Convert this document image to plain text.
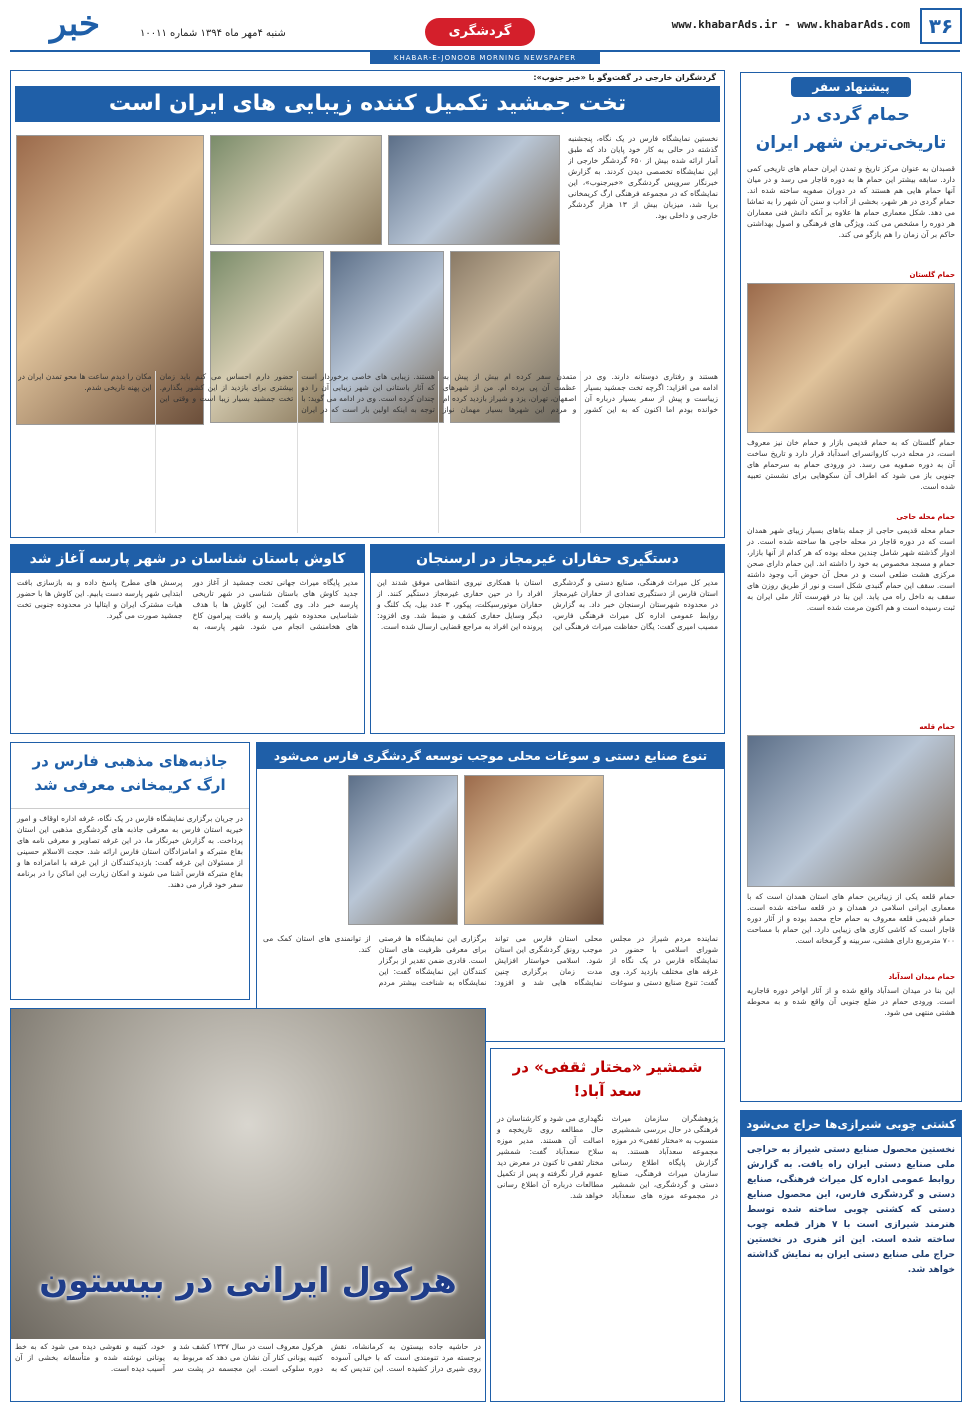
۳۶
www.khabarAds.ir - www.khabarAds.com
گردشگری
خبر	شنبه ۴مهر ماه ۱۳۹۴ شماره ۱۰۰۱۱
KHABAR-E-JONOOB MORNING NEWSPAPER
پیشنهاد سفر
حمام گردی در تاریخی‌ترین شهر ایران
قصبدان به عنوان مرکز تاریخ و تمدن ایران حمام های تاریخی کمی دارد. سابقه بیشتر این حمام ها به دوره قاجار می رسد و در میان آنها حمام هایی هم هستند که در دوران صفویه ساخته شده اند. حمام گردی در هر شهر، بخشی از آداب و سنن آن شهر را به تماشا می دهد. شکل معماری حمام ها علاوه بر آنکه دانش فنی معماران هر دوره را مشخص می کند، ویژگی های فرهنگی و اصول بهداشتی حاکم بر آن زمان را هم بازگو می کند.
حمام گلستان
حمام گلستان که به حمام قدیمی بازار و حمام خان نیز معروف است، در محله درب کاروانسرای اسدآباد قرار دارد و تاریخ ساخت آن به دوره صفویه می رسد. در ورودی حمام به سرحمام های جنوبی باز می شود که اطراف آن سکوهایی برای نشستن تعبیه شده است.
حمام محله حاجی
حمام محله قدیمی حاجی از جمله بناهای بسیار زیبای شهر همدان است که در دوره قاجار در محله حاجی ها ساخته شده است. در ادوار گذشته شهر شامل چندین محله بوده که هر کدام از آنها بازار، حمام و مسجد مخصوص به خود را داشته اند. این حمام دارای صحن مرکزی هشت ضلعی است و در محل آن حوض آب وجود داشته است. سقف این حمام گنبدی شکل است و نور از طریق روزن های سقف به داخل راه می یابد. این بنا در فهرست آثار ملی ایران به ثبت رسیده است و هم اکنون مرمت شده است.
حمام قلعه
حمام قلعه یکی از زیباترین حمام های استان همدان است که با معماری ایرانی اسلامی در همدان و در قلعه ساخته شده است. حمام قدیمی قلعه معروف به حمام حاج محمد بوده و از آثار دوره قاجار است که کاشی کاری های زیبایی دارد. این حمام با مساحت ۷۰۰ مترمربع دارای هشتی، سربینه و گرمخانه است.
حمام میدان اسدآباد
این بنا در میدان اسدآباد واقع شده و از آثار اواخر دوره قاجاریه است. ورودی حمام در ضلع جنوبی آن واقع شده و به محوطه هشتی منتهی می شود.
کشتی چوبی شیرازی‌ها حراج می‌شود
نخستین محصول صنایع دستی شیراز به حراجی ملی صنایع دستی ایران راه یافت. به گزارش روابط عمومی اداره کل میراث فرهنگی، صنایع دستی و گردشگری فارس، این محصول صنایع دستی که کشتی چوبی ساخته شده توسط هنرمند شیرازی است با ۷ هزار قطعه چوب ساخته شده است. این اثر هنری در نخستین حراج ملی صنایع دستی ایران به نمایش گذاشته خواهد شد.
گردشگران خارجی در گفت‌وگو با «خبر جنوب»:
تخت جمشید تکمیل کننده زیبایی های ایران است
نخستین نمایشگاه فارس در یک نگاه، پنجشنبه گذشته در حالی به کار خود پایان داد که طبق آمار ارائه شده بیش از ۶۵۰ گردشگر خارجی از این نمایشگاه تخصصی دیدن کردند. به گزارش خبرنگار سرویس گردشگری «خبرجنوب»، این نمایشگاه که در مجموعه فرهنگی ارگ کریمخانی برپا شد، میزبان بیش از ۱۳ هزار گردشگر خارجی و داخلی بود.
هستند و رفتاری دوستانه دارند. وی در ادامه می افزاید: اگرچه تخت جمشید بسیار زیباست و پیش از سفر بسیار درباره آن خوانده بودم اما اکنون که به این کشور متمدن سفر کرده ام بیش از پیش به عظمت آن پی برده ام. من از شهرهای اصفهان، تهران، یزد و شیراز بازدید کرده ام و مردم این شهرها بسیار مهمان نواز هستند. زیبایی های خاصی برخوردار است که آثار باستانی این شهر زیبایی آن را دو چندان کرده است. وی در ادامه می گوید: با توجه به اینکه اولین بار است که در ایران حضور دارم احساس می کنم باید زمان بیشتری برای بازدید از این کشور بگذارم. تخت جمشید بسیار زیبا است و وقتی این مکان را دیدم ساعت ها محو تمدن ایران در این پهنه تاریخی شدم.
دستگیری حفاران غیرمجاز در ارسنجان
مدیر کل میراث فرهنگی، صنایع دستی و گردشگری استان فارس از دستگیری تعدادی از حفاران غیرمجاز در محدوده شهرستان ارسنجان خبر داد. به گزارش روابط عمومی اداره کل میراث فرهنگی فارس، مصیب امیری گفت: یگان حفاظت میراث فرهنگی این استان با همکاری نیروی انتظامی موفق شدند این افراد را در حین حفاری غیرمجاز دستگیر کنند. از حفاران موتورسیکلت، پیکور، ۳ عدد بیل، یک کلنگ و دیگر وسایل حفاری کشف و ضبط شد. وی افزود: پرونده این افراد به مراجع قضایی ارسال شده است.
کاوش باستان شناسان در شهر پارسه آغاز شد
مدیر پایگاه میراث جهانی تخت جمشید از آغاز دور جدید کاوش های باستان شناسی در شهر تاریخی پارسه خبر داد. وی گفت: این کاوش ها با هدف شناسایی محدوده شهر پارسه و بافت پیرامون کاخ های هخامنشی انجام می شود. شهر پارسه، به پرسش های مطرح پاسخ داده و به بازسازی بافت ابتدایی شهر پارسه دست یابیم. این کاوش ها با حضور هیات مشترک ایران و ایتالیا در محدوده جنوبی تخت جمشید صورت می گیرد.
جاذبه‌های مذهبی فارس در ارگ کریمخانی معرفی شد
در جریان برگزاری نمایشگاه فارس در یک نگاه، غرفه اداره اوقاف و امور خیریه استان فارس به معرفی جاذبه های گردشگری مذهبی این استان پرداخت. به گزارش خبرنگار ما، در این غرفه تصاویر و معرفی نامه های بقاع متبرکه و امامزادگان استان فارس ارائه شد. حجت الاسلام حسینی از مسئولان این غرفه گفت: بازدیدکنندگان از این غرفه با امامزاده ها و بقاع متبرکه فارس آشنا می شوند و امکان زیارت این اماکن را در برنامه سفر خود قرار می دهند.
تنوع صنایع دستی و سوغات محلی موجب توسعه گردشگری فارس می‌شود
نماینده مردم شیراز در مجلس شورای اسلامی با حضور در نمایشگاه فارس در یک نگاه از غرفه های مختلف بازدید کرد. وی گفت: تنوع صنایع دستی و سوغات محلی استان فارس می تواند موجب رونق گردشگری این استان شود. اسلامی خواستار افزایش مدت زمان برگزاری چنین نمایشگاه هایی شد و افزود: برگزاری این نمایشگاه ها فرصتی برای معرفی ظرفیت های استان است. قادری ضمن تقدیر از برگزار کنندگان این نمایشگاه گفت: این نمایشگاه به شناخت بیشتر مردم از توانمندی های استان کمک می کند.
شمشیر «مختار ثقفی» در سعد آباد!
پژوهشگران سازمان میراث فرهنگی در حال بررسی شمشیری منسوب به «مختار ثقفی» در موزه مجموعه سعدآباد هستند. به گزارش پایگاه اطلاع رسانی سازمان میراث فرهنگی، صنایع دستی و گردشگری، این شمشیر در مجموعه موزه های سعدآباد نگهداری می شود و کارشناسان در حال مطالعه روی تاریخچه و اصالت آن هستند. مدیر موزه سلاح سعدآباد گفت: شمشیر مختار ثقفی تا کنون در معرض دید عموم قرار نگرفته و پس از تکمیل مطالعات درباره آن اطلاع رسانی خواهد شد.
هرکول ایرانی در بیستون
در حاشیه جاده بیستون به کرمانشاه، نقش برجسته مرد تنومندی است که با خیالی آسوده روی شیری دراز کشیده است. این تندیس که به هرکول معروف است در سال ۱۳۳۷ کشف شد و کتیبه یونانی کنار آن نشان می دهد که مربوط به دوره سلوکی است. این مجسمه در پشت سر خود، کتیبه و نقوشی دیده می شود که به خط یونانی نوشته شده و متأسفانه بخشی از آن آسیب دیده است.
